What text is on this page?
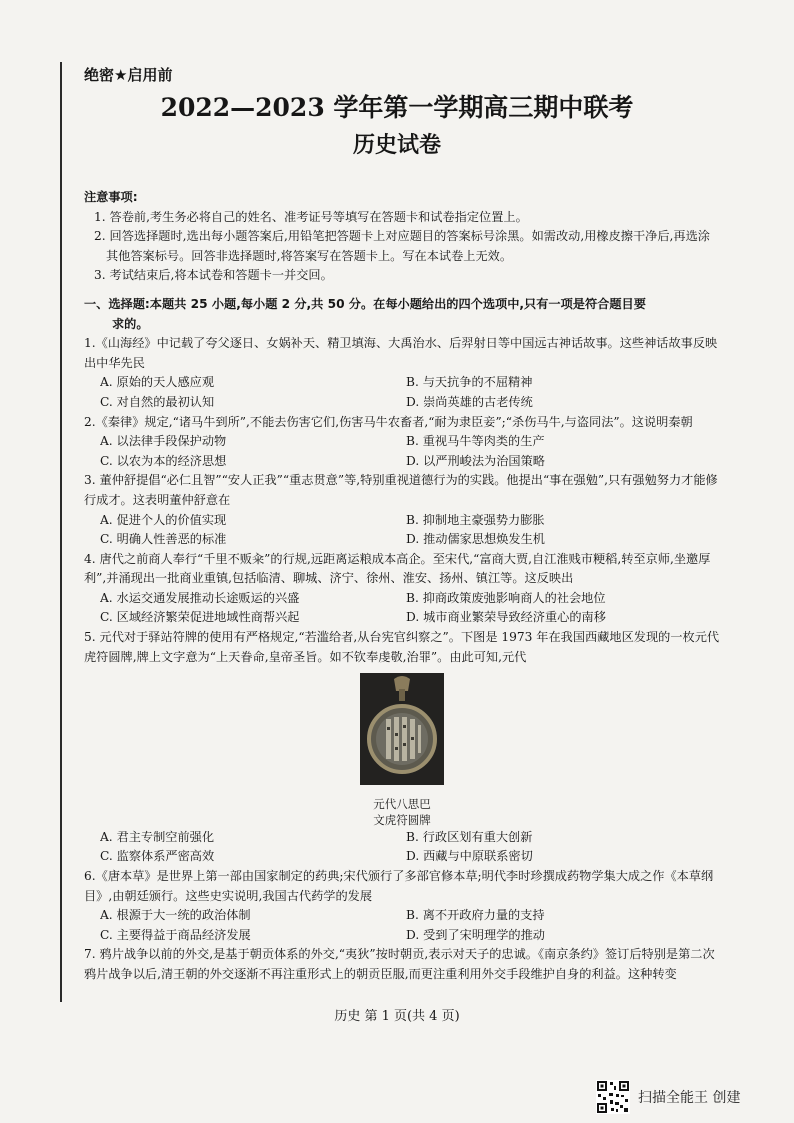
绝密★启用前
2022—2023 学年第一学期高三期中联考
历史试卷
注意事项:
1. 答卷前,考生务必将自己的姓名、准考证号等填写在答题卡和试卷指定位置上。
2. 回答选择题时,选出每小题答案后,用铅笔把答题卡上对应题目的答案标号涂黑。如需改动,用橡皮擦干净后,再选涂其他答案标号。回答非选择题时,将答案写在答题卡上。写在本试卷上无效。
3. 考试结束后,将本试卷和答题卡一并交回。
一、选择题:本题共 25 小题,每小题 2 分,共 50 分。在每小题给出的四个选项中,只有一项是符合题目要
求的。
1.《山海经》中记载了夸父逐日、女娲补天、精卫填海、大禹治水、后羿射日等中国远古神话故事。这些神话故事反映出中华先民
A. 原始的天人感应观	B. 与天抗争的不屈精神
C. 对自然的最初认知	D. 崇尚英雄的古老传统
2.《秦律》规定,“诸马牛到所”,不能去伤害它们,伤害马牛农畜者,“耐为隶臣妾”;“杀伤马牛,与盗同法”。这说明秦朝
A. 以法律手段保护动物	B. 重视马牛等肉类的生产
C. 以农为本的经济思想	D. 以严刑峻法为治国策略
3. 董仲舒提倡“必仁且智”“安人正我”“重志贯意”等,特别重视道德行为的实践。他提出“事在强勉”,只有强勉努力才能修行成才。这表明董仲舒意在
A. 促进个人的价值实现	B. 抑制地主豪强势力膨胀
C. 明确人性善恶的标准	D. 推动儒家思想焕发生机
4. 唐代之前商人奉行“千里不贩籴”的行规,远距离运粮成本高企。至宋代,“富商大贾,自江淮贱市粳稻,转至京师,坐邀厚利”,并涌现出一批商业重镇,包括临清、聊城、济宁、徐州、淮安、扬州、镇江等。这反映出
A. 水运交通发展推动长途贩运的兴盛	B. 抑商政策废弛影响商人的社会地位
C. 区域经济繁荣促进地域性商帮兴起	D. 城市商业繁荣导致经济重心的南移
5. 元代对于驿站符牌的使用有严格规定,“若滥给者,从台宪官纠察之”。下图是 1973 年在我国西藏地区发现的一枚元代虎符圆牌,牌上文字意为“上天眷命,皇帝圣旨。如不钦奉虔敬,治罪”。由此可知,元代
元代八思巴
文虎符圆牌
A. 君主专制空前强化	B. 行政区划有重大创新
C. 监察体系严密高效	D. 西藏与中原联系密切
6.《唐本草》是世界上第一部由国家制定的药典;宋代颁行了多部官修本草;明代李时珍撰成药物学集大成之作《本草纲目》,由朝廷颁行。这些史实说明,我国古代药学的发展
A. 根源于大一统的政治体制	B. 离不开政府力量的支持
C. 主要得益于商品经济发展	D. 受到了宋明理学的推动
7. 鸦片战争以前的外交,是基于朝贡体系的外交,“夷狄”按时朝贡,表示对天子的忠诚。《南京条约》签订后特别是第二次鸦片战争以后,清王朝的外交逐渐不再注重形式上的朝贡臣服,而更注重利用外交手段维护自身的利益。这种转变
历史 第 1 页(共 4 页)
扫描全能王 创建
